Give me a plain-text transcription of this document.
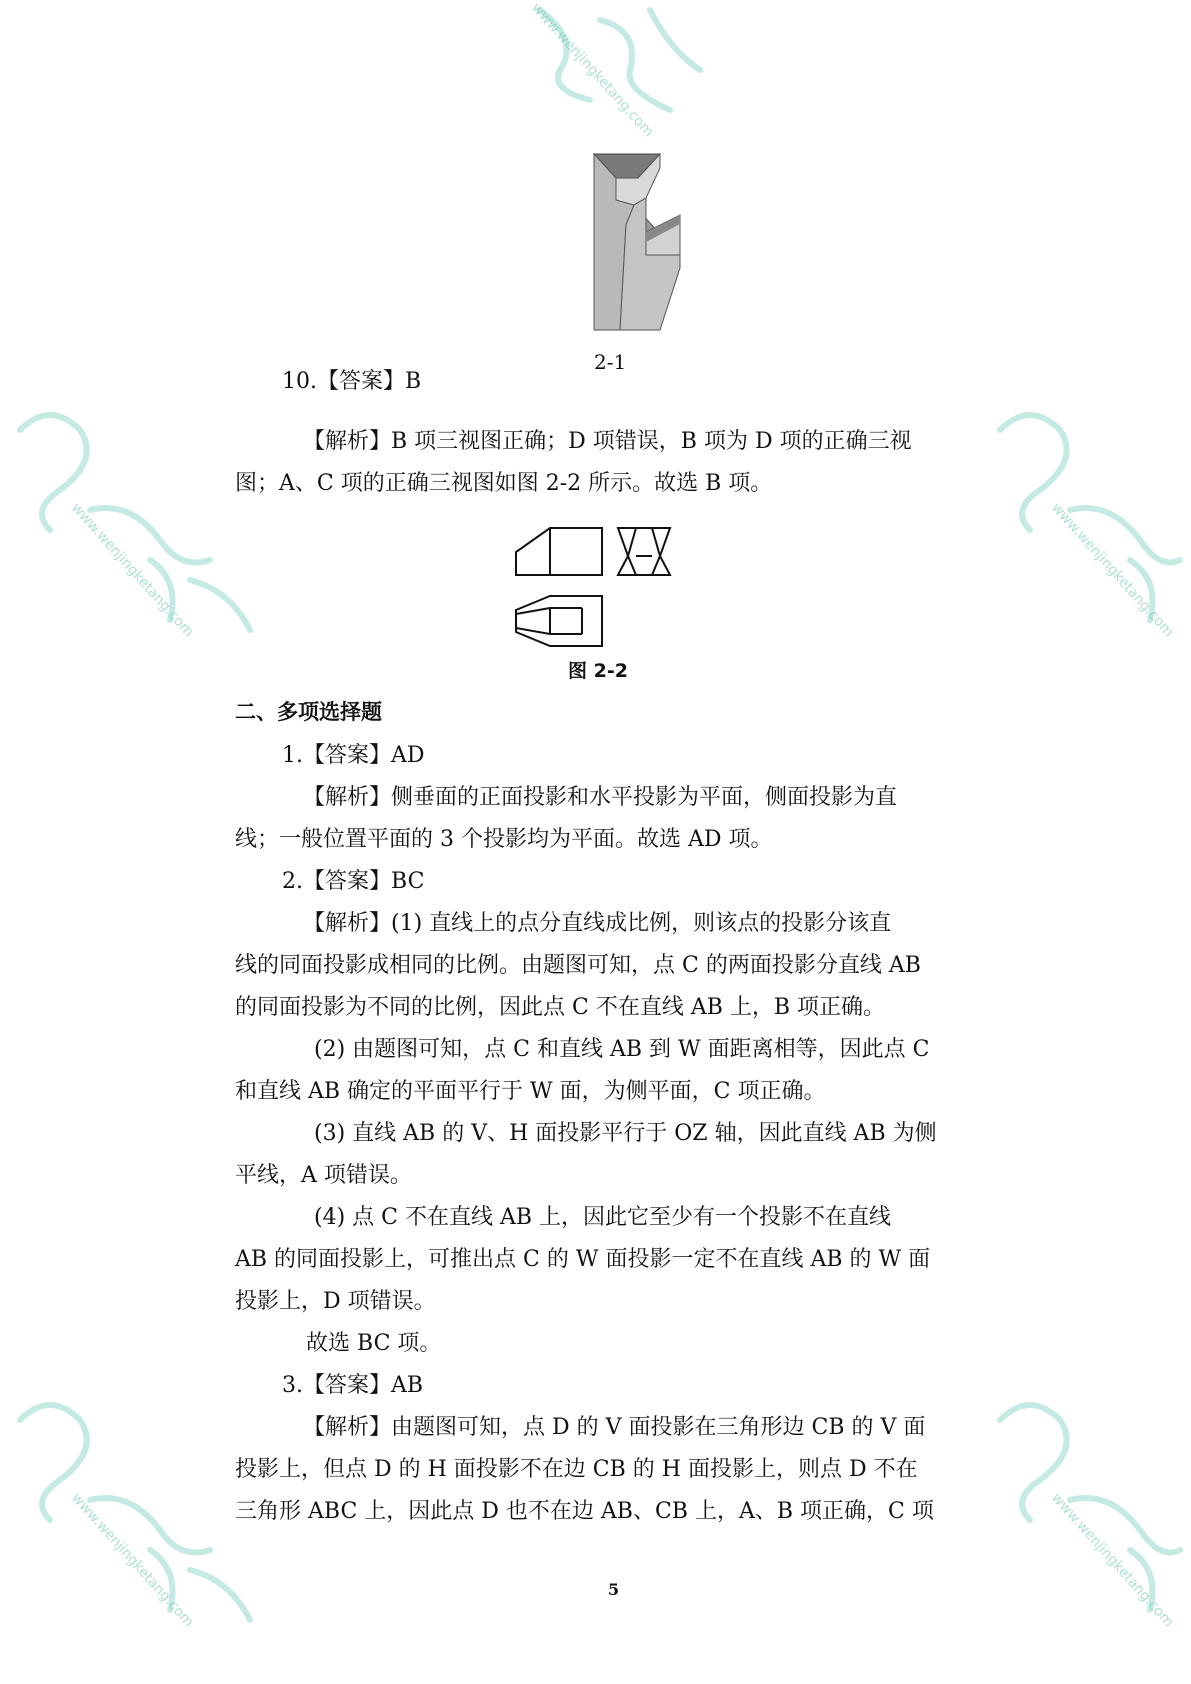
www.wenjingketang.com
www.wenjingketang.com	www.wenjingketang.com
www.wenjingketang.com	www.wenjingketang.com
2-1
10.【答案】B
【解析】B 项三视图正确；D 项错误，B 项为 D 项的正确三视
图；A、C 项的正确三视图如图 2-2 所示。故选 B 项。
图 2-2
二、多项选择题
1.【答案】AD
【解析】侧垂面的正面投影和水平投影为平面，侧面投影为直
线；一般位置平面的 3 个投影均为平面。故选 AD 项。
2.【答案】BC
【解析】(1) 直线上的点分直线成比例，则该点的投影分该直
线的同面投影成相同的比例。由题图可知，点 C 的两面投影分直线 AB
的同面投影为不同的比例，因此点 C 不在直线 AB 上，B 项正确。
(2) 由题图可知，点 C 和直线 AB 到 W 面距离相等，因此点 C
和直线 AB 确定的平面平行于 W 面，为侧平面，C 项正确。
(3) 直线 AB 的 V、H 面投影平行于 OZ 轴，因此直线 AB 为侧
平线，A 项错误。
(4) 点 C 不在直线 AB 上，因此它至少有一个投影不在直线
AB 的同面投影上，可推出点 C 的 W 面投影一定不在直线 AB 的 W 面
投影上，D 项错误。
故选 BC 项。
3.【答案】AB
【解析】由题图可知，点 D 的 V 面投影在三角形边 CB 的 V 面
投影上，但点 D 的 H 面投影不在边 CB 的 H 面投影上，则点 D 不在
三角形 ABC 上，因此点 D 也不在边 AB、CB 上，A、B 项正确，C 项
5
